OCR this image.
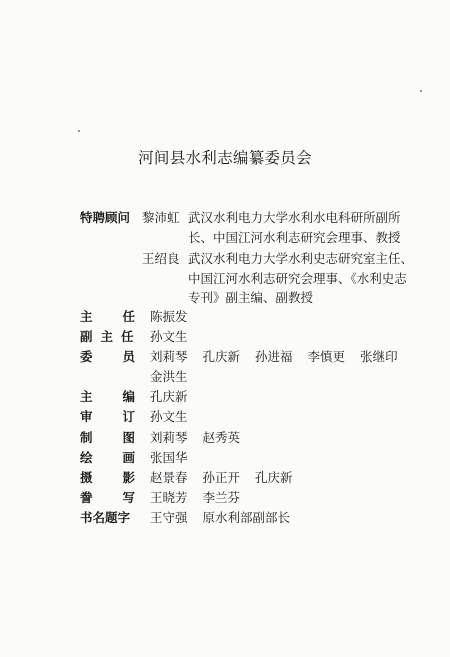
河间县水利志编纂委员会
特聘顾问 黎沛虹 武汉水利电力大学水利水电科研所副所长、中国江河水利志研究会理事、教授
王绍良 武汉水利电力大学水利史志研究室主任、中国江河水利志研究会理事、《水利史志专刊》副主编、副教授
主 任 陈振发
副主任 孙文生
委 员 刘莉琴 孔庆新 孙进福 李慎更 张继印
金洪生
主 编 孔庆新
审 订 孙文生
制 图 刘莉琴 赵秀英
绘 画 张国华
摄 影 赵景春 孙正开 孔庆新
誊 写 王晓芳 李兰芬
书名题字 王守强 原水利部副部长
